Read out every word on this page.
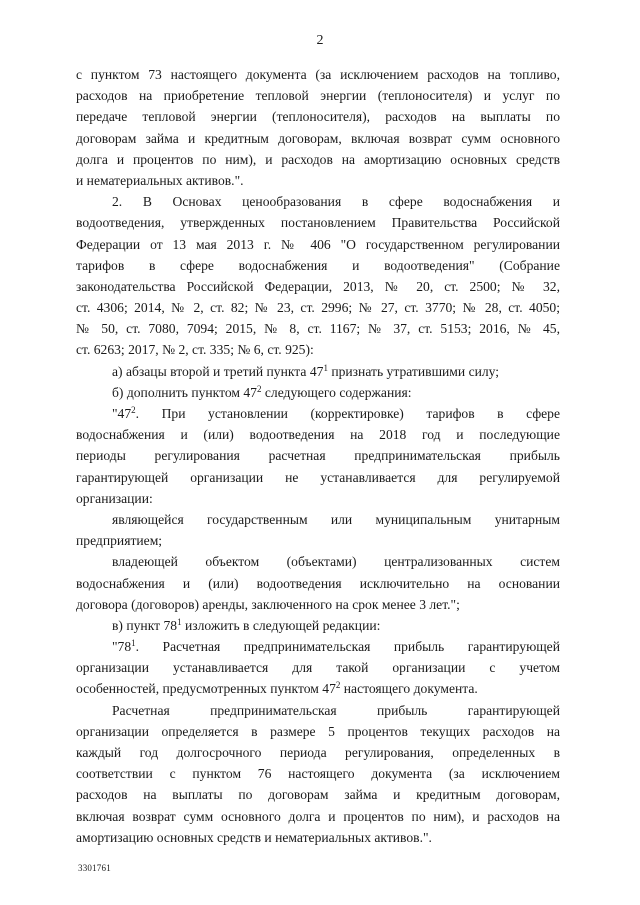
2
с пунктом 73 настоящего документа (за исключением расходов на топливо,
расходов на приобретение тепловой энергии (теплоносителя) и услуг по
передаче тепловой энергии (теплоносителя), расходов на выплаты по
договорам займа и кредитным договорам, включая возврат сумм основного
долга и процентов по ним), и расходов на амортизацию основных средств
и нематериальных активов.".
2. В Основах ценообразования в сфере водоснабжения и
водоотведения, утвержденных постановлением Правительства Российской
Федерации от 13 мая 2013 г. № 406 "О государственном регулировании
тарифов в сфере водоснабжения и водоотведения" (Собрание
законодательства Российской Федерации, 2013, № 20, ст. 2500; № 32,
ст. 4306; 2014, № 2, ст. 82; № 23, ст. 2996; № 27, ст. 3770; № 28, ст. 4050;
№ 50, ст. 7080, 7094; 2015, № 8, ст. 1167; № 37, ст. 5153; 2016, № 45,
ст. 6263; 2017, № 2, ст. 335; № 6, ст. 925):
а) абзацы второй и третий пункта $47^1$ признать утратившими силу;
б) дополнить пунктом $47^2$ следующего содержания:
"$47^2$. При установлении (корректировке) тарифов в сфере
водоснабжения и (или) водоотведения на 2018 год и последующие
периоды регулирования расчетная предпринимательская прибыль
гарантирующей организации не устанавливается для регулируемой
организации:
являющейся государственным или муниципальным унитарным
предприятием;
владеющей объектом (объектами) централизованных систем
водоснабжения и (или) водоотведения исключительно на основании
договора (договоров) аренды, заключенного на срок менее 3 лет.";
в) пункт $78^1$ изложить в следующей редакции:
"$78^1$. Расчетная предпринимательская прибыль гарантирующей
организации устанавливается для такой организации с учетом
особенностей, предусмотренных пунктом $47^2$ настоящего документа.
Расчетная предпринимательская прибыль гарантирующей
организации определяется в размере 5 процентов текущих расходов на
каждый год долгосрочного периода регулирования, определенных в
соответствии с пунктом 76 настоящего документа (за исключением
расходов на выплаты по договорам займа и кредитным договорам,
включая возврат сумм основного долга и процентов по ним), и расходов на
амортизацию основных средств и нематериальных активов.".
3301761
